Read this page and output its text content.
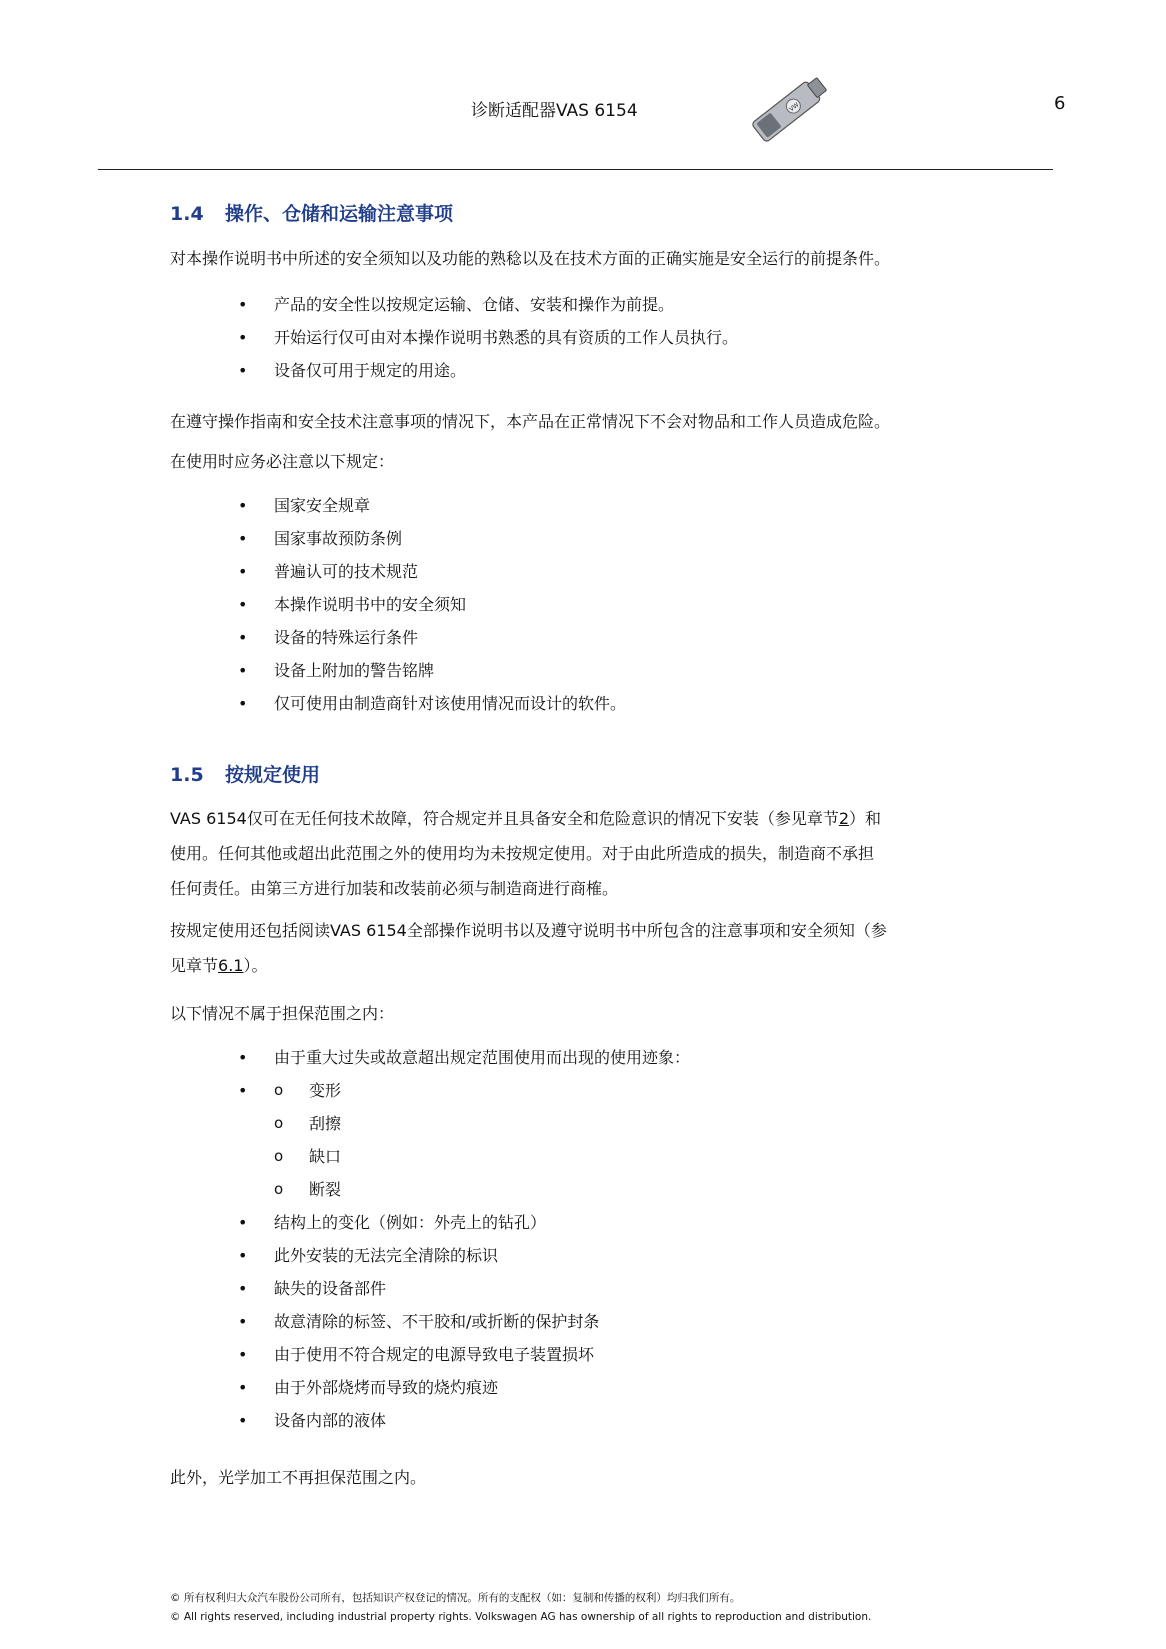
诊断适配器VAS 6154
03
VW	6
1.4 操作、仓储和运输注意事项
对本操作说明书中所述的安全须知以及功能的熟稔以及在技术方面的正确实施是安全运行的前提条件。
• 产品的安全性以按规定运输、仓储、安装和操作为前提。
• 开始运行仅可由对本操作说明书熟悉的具有资质的工作人员执行。
• 设备仅可用于规定的用途。
在遵守操作指南和安全技术注意事项的情况下，本产品在正常情况下不会对物品和工作人员造成危险。
在使用时应务必注意以下规定：
• 国家安全规章
• 国家事故预防条例
• 普遍认可的技术规范
• 本操作说明书中的安全须知
• 设备的特殊运行条件
• 设备上附加的警告铭牌
• 仅可使用由制造商针对该使用情况而设计的软件。
1.5 按规定使用
VAS 6154仅可在无任何技术故障，符合规定并且具备安全和危险意识的情况下安装（参见章节2）和
使用。任何其他或超出此范围之外的使用均为未按规定使用。对于由此所造成的损失，制造商不承担
任何责任。由第三方进行加装和改装前必须与制造商进行商榷。
按规定使用还包括阅读VAS 6154全部操作说明书以及遵守说明书中所包含的注意事项和安全须知（参
见章节6.1）。
以下情况不属于担保范围之内：
• 由于重大过失或故意超出规定范围使用而出现的使用迹象：
o • 变形
o 刮擦
o 缺口
o 断裂
• 结构上的变化（例如：外壳上的钻孔）
• 此外安装的无法完全清除的标识
• 缺失的设备部件
• 故意清除的标签、不干胶和/或折断的保护封条
• 由于使用不符合规定的电源导致电子装置损坏
• 由于外部烧烤而导致的烧灼痕迹
• 设备内部的液体
此外，光学加工不再担保范围之内。
© 所有权利归大众汽车股份公司所有，包括知识产权登记的情况。所有的支配权（如：复制和传播的权利）均归我们所有。
© All rights reserved, including industrial property rights. Volkswagen AG has ownership of all rights to reproduction and distribution.
